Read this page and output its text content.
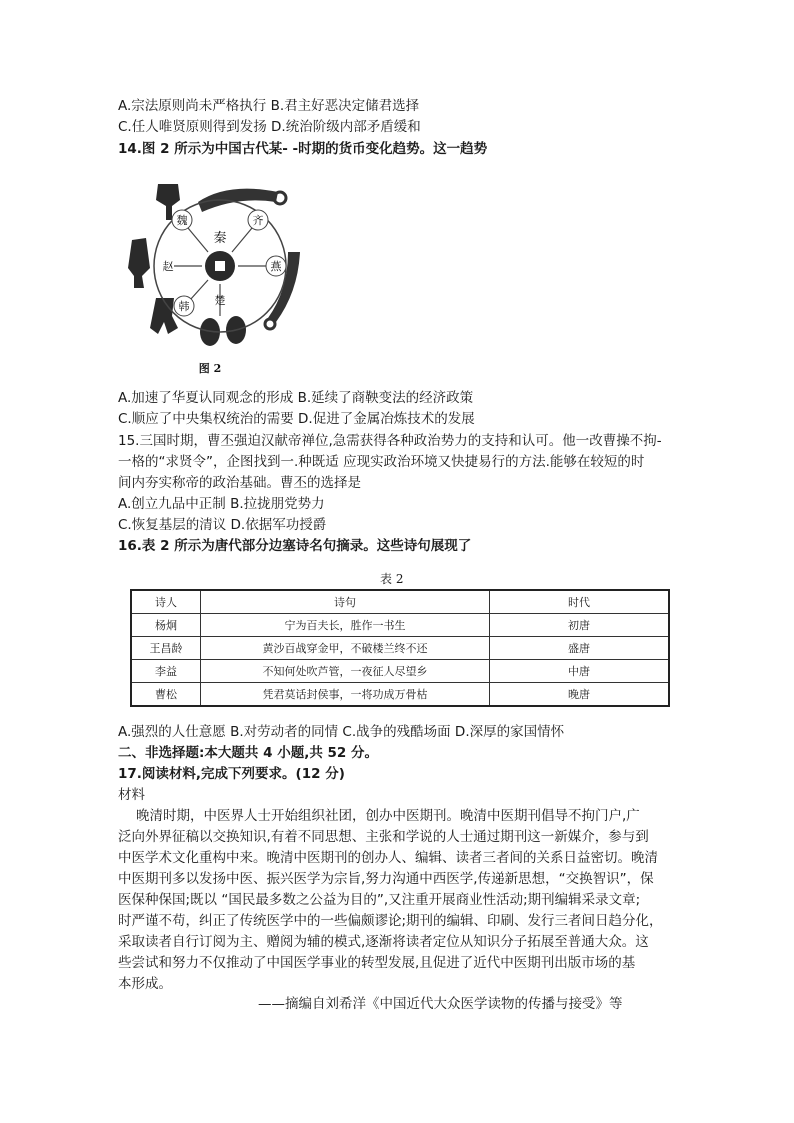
A.宗法原则尚未严格执行 B.君主好恶决定储君选择
C.任人唯贤原则得到发扬 D.统治阶级内部矛盾缓和
14.图 2 所示为中国古代某- -时期的货币变化趋势。这一趋势
秦
魏	齐
燕
楚
韩
赵
图 2
A.加速了华夏认同观念的形成 B.延续了商鞅变法的经济政策
C.顺应了中央集权统治的需要 D.促进了金属冶炼技术的发展
15.三国时期，曹丕强迫汉献帝禅位,急需获得各种政治势力的支持和认可。他一改曹操不拘-
一格的“求贤令”，企图找到一.种既适 应现实政治环境又快捷易行的方法.能够在较短的时
间内夯实称帝的政治基础。曹丕的选择是
A.创立九品中正制 B.拉拢朋党势力
C.恢复基层的清议 D.依据军功授爵
16.表 2 所示为唐代部分边塞诗名句摘录。这些诗句展现了
表 2
诗人	诗句	时代
杨炯	宁为百夫长，胜作一书生	初唐
王昌龄	黄沙百战穿金甲，不破楼兰终不还	盛唐
李益	不知何处吹芦管，一夜征人尽望乡	中唐
曹松	凭君莫话封侯事，一将功成万骨枯	晚唐
A.强烈的人仕意愿 B.对劳动者的同情 C.战争的残酷场面 D.深厚的家国情怀
二、非选择题:本大题共 4 小题,共 52 分。
17.阅读材料,完成下列要求。(12 分)
材料

晚清时期，中医界人士开始组织社团，创办中医期刊。晚清中医期刊倡导不拘门户,广

泛向外界征稿以交换知识,有着不同思想、主张和学说的人士通过期刊这一新媒介，参与到

中医学术文化重构中来。晚清中医期刊的创办人、编辑、读者三者间的关系日益密切。晚清

中医期刊多以发扬中医、振兴医学为宗旨,努力沟通中西医学,传递新思想，“交换智识”，保

医保种保国;既以 “国民最多数之公益为目的”,又注重开展商业性活动;期刊编辑采录文章;

时严谨不苟，纠正了传统医学中的一些偏颇谬论;期刊的编辑、印刷、发行三者间日趋分化，

采取读者自行订阅为主、赠阅为辅的模式,逐渐将读者定位从知识分子拓展至普通大众。这

些尝试和努力不仅推动了中国医学事业的转型发展,且促进了近代中医期刊出版市场的基

本形成。

——摘编自刘希洋《中国近代大众医学读物的传播与接受》等
